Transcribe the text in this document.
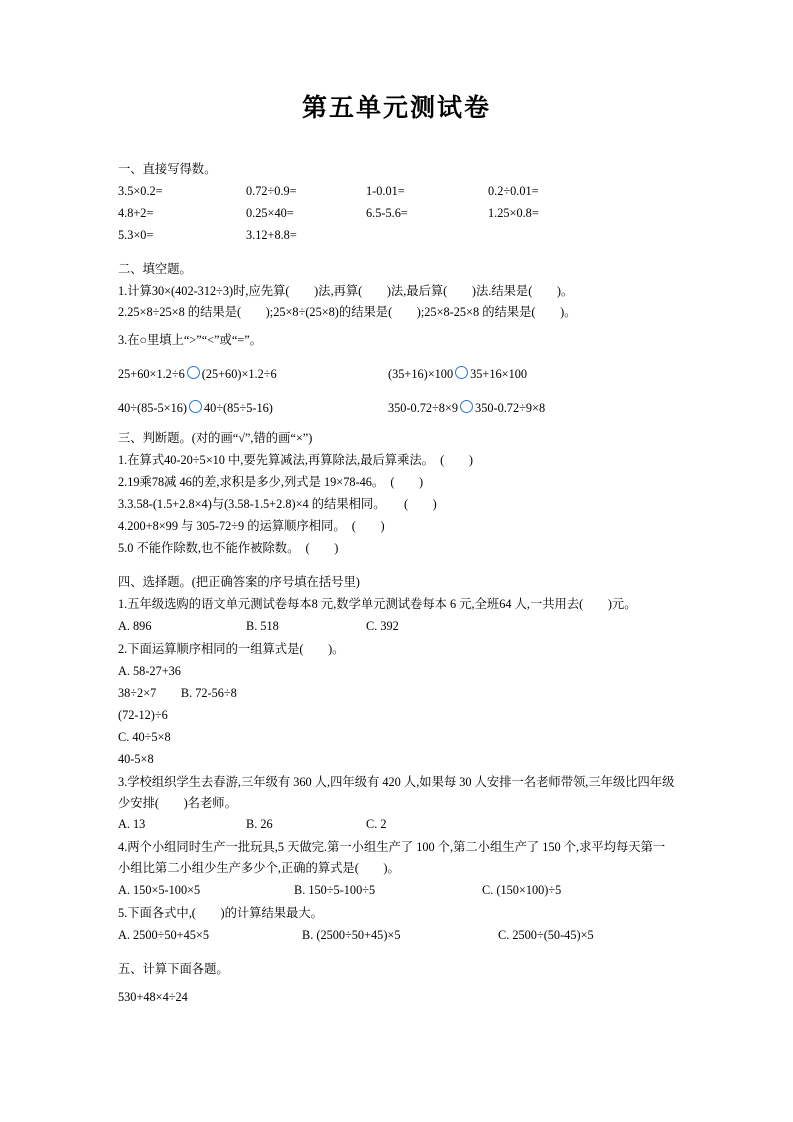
第五单元测试卷
一、直接写得数。
3.5×0.2=	0.72÷0.9=	1-0.01=	0.2÷0.01=
4.8+2=	0.25×40=	6.5-5.6=	1.25×0.8=
5.3×0=	3.12+8.8=
二、填空题。
1.计算30×(402-312÷3)时,应先算(　　)法,再算(　　)法,最后算(　　)法.结果是(　　)。
2.25×8÷25×8 的结果是(　　);25×8÷(25×8)的结果是(　　);25×8-25×8 的结果是(　　)。
3.在○里填上“>”“<”或“=”。
25+60×1.2÷6 (25+60)×1.2÷6	(35+16)×100 35+16×100
40÷(85-5×16) 40÷(85÷5-16)	350-0.72÷8×9 350-0.72÷9×8
三、判断题。(对的画“√”,错的画“×”)
1.在算式40-20÷5×10 中,要先算减法,再算除法,最后算乘法。　(　　)
2.19乘78减 46的差,求积是多少,列式是 19×78-46。　(　　)
3.3.58-(1.5+2.8×4)与(3.58-1.5+2.8)×4 的结果相同。　　(　　)
4.200+8×99 与 305-72÷9 的运算顺序相同。　(　　)
5.0 不能作除数,也不能作被除数。　(　　)
四、选择题。(把正确答案的序号填在括号里)
1.五年级选购的语文单元测试卷每本8 元,数学单元测试卷每本 6 元,全班64 人,一共用去(　　)元。
A. 896	B. 518	C. 392
2.下面运算顺序相同的一组算式是(　　)。
A. 58-27+36
38÷2×7　　B. 72-56÷8
(72-12)÷6
C. 40÷5×8
40-5×8
3.学校组织学生去春游,三年级有 360 人,四年级有 420 人,如果每 30 人安排一名老师带领,三年级比四年级少安排(　　)名老师。
A. 13	B. 26	C. 2
4.两个小组同时生产一批玩具,5 天做完.第一小组生产了 100 个,第二小组生产了 150 个,求平均每天第一小组比第二小组少生产多少个,正确的算式是(　　)。
A. 150×5-100×5	B. 150÷5-100÷5	C. (150×100)÷5
5.下面各式中,(　　)的计算结果最大。
A. 2500÷50+45×5	B. (2500÷50+45)×5	C. 2500÷(50-45)×5
五、计算下面各题。
530+48×4÷24
